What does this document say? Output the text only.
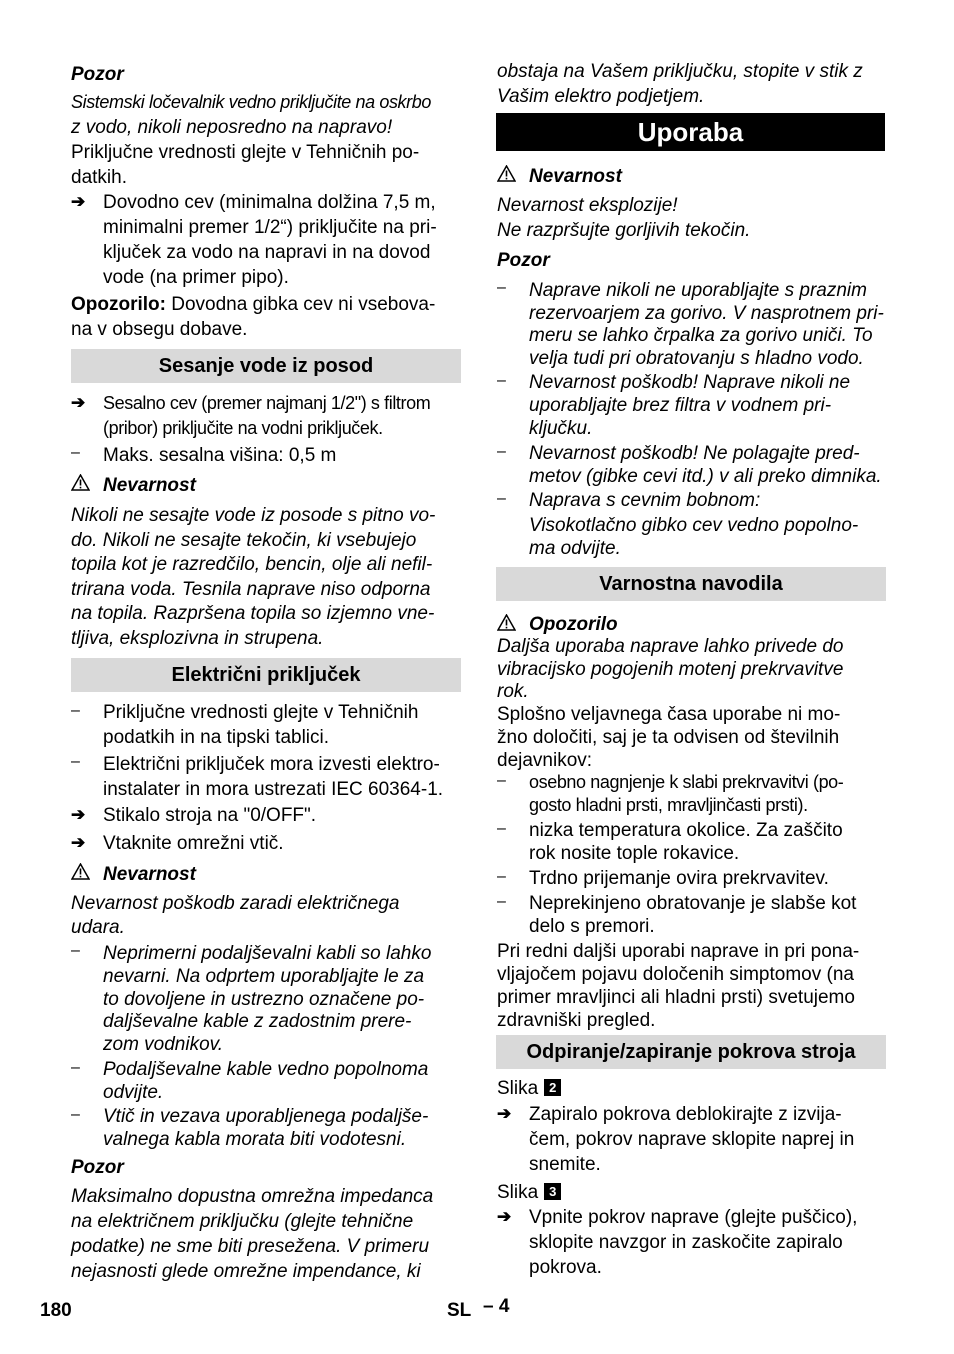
Pozor
Sistemski ločevalnik vedno priključite na oskrbo
z vodo, nikoli neposredno na napravo!
Priključne vrednosti glejte v Tehničnih po-
datkih.
➔ Dovodno cev (minimalna dolžina 7,5 m,
minimalni premer 1/2“) priključite na pri-
ključek za vodo na napravi in na dovod
vode (na primer pipo).
Opozorilo: Dovodna gibka cev ni vsebova-
na v obsegu dobave.
Sesanje vode iz posod
➔ Sesalno cev (premer najmanj 1/2") s filtrom
(pribor) priključite na vodni priključek.
– Maks. sesalna višina: 0,5 m
Nevarnost
Nikoli ne sesajte vode iz posode s pitno vo-
do. Nikoli ne sesajte tekočin, ki vsebujejo
topila kot je razredčilo, bencin, olje ali nefil-
trirana voda. Tesnila naprave niso odporna
na topila. Razpršena topila so izjemno vne-
tljiva, eksplozivna in strupena.
Električni priključek
– Priključne vrednosti glejte v Tehničnih
podatkih in na tipski tablici.
– Električni priključek mora izvesti elektro-
instalater in mora ustrezati IEC 60364-1.
➔ Stikalo stroja na "0/OFF".
➔ Vtaknite omrežni vtič.
Nevarnost
Nevarnost poškodb zaradi električnega
udara.
– Neprimerni podaljševalni kabli so lahko
nevarni. Na odprtem uporabljajte le za
to dovoljene in ustrezno označene po-
daljševalne kable z zadostnim prere-
zom vodnikov.
– Podaljševalne kable vedno popolnoma
odvijte.
– Vtič in vezava uporabljenega podaljše-
valnega kabla morata biti vodotesni.
Pozor
Maksimalno dopustna omrežna impedanca
na električnem priključku (glejte tehnične
podatke) ne sme biti presežena. V primeru
nejasnosti glede omrežne impendance, ki
obstaja na Vašem priključku, stopite v stik z
Vašim elektro podjetjem.
Uporaba
Nevarnost
Nevarnost eksplozije!
Ne razpršujte gorljivih tekočin.
Pozor
– Naprave nikoli ne uporabljajte s praznim
rezervoarjem za gorivo. V nasprotnem pri-
meru se lahko črpalka za gorivo uniči. To
velja tudi pri obratovanju s hladno vodo.
– Nevarnost poškodb! Naprave nikoli ne
uporabljajte brez filtra v vodnem pri-
ključku.
– Nevarnost poškodb! Ne polagajte pred-
metov (gibke cevi itd.) v ali preko dimnika.
– Naprava s cevnim bobnom:
Visokotlačno gibko cev vedno popolno-
ma odvijte.
Varnostna navodila
Opozorilo
Daljša uporaba naprave lahko privede do
vibracijsko pogojenih motenj prekrvavitve
rok.
Splošno veljavnega časa uporabe ni mo-
žno določiti, saj je ta odvisen od številnih
dejavnikov:
– osebno nagnjenje k slabi prekrvavitvi (po-
gosto hladni prsti, mravljinčasti prsti).
– nizka temperatura okolice. Za zaščito
rok nosite tople rokavice.
– Trdno prijemanje ovira prekrvavitev.
– Neprekinjeno obratovanje je slabše kot
delo s premori.
Pri redni daljši uporabi naprave in pri pona-
vljajočem pojavu določenih simptomov (na
primer mravljinci ali hladni prsti) svetujemo
zdravniški pregled.
Odpiranje/zapiranje pokrova stroja
Slika 2
➔ Zapiralo pokrova deblokirajte z izvija-
čem, pokrov naprave sklopite naprej in
snemite.
Slika 3
➔ Vpnite pokrov naprave (glejte puščico),
sklopite navzgor in zaskočite zapiralo
pokrova.
180	SL – 4
